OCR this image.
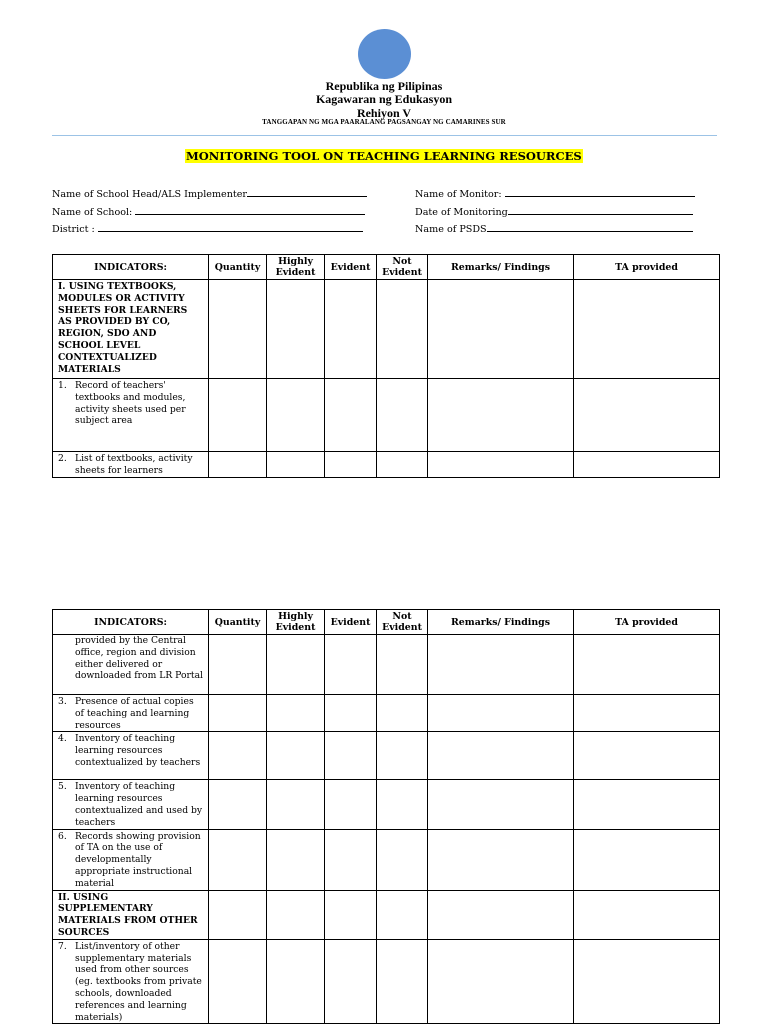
Republika ng Pilipinas
Kagawaran ng Edukasyon
Rehiyon V
TANGGAPAN NG MGA PAARALANG PAGSANGAY NG CAMARINES SUR
MONITORING TOOL ON TEACHING LEARNING RESOURCES
Name of School Head/ALS Implementer
Name of School:
District :
Name of Monitor:
Date of Monitoring
Name of PSDS
INDICATORS:	Quantity	Highly Evident	Evident	Not Evident	Remarks/ Findings	TA provided
I. USING TEXTBOOKS, MODULES OR ACTIVITY SHEETS FOR LEARNERS AS PROVIDED BY CO, REGION, SDO AND SCHOOL LEVEL CONTEXTUALIZED MATERIALS						

1. Record of teachers' textbooks and modules, activity sheets used per subject area						

2. List of textbooks, activity sheets for learners						

INDICATORS:	Quantity	Highly Evident	Evident	Not Evident	Remarks/ Findings	TA provided
provided by the Central office, region and division either delivered or downloaded from LR Portal						

3. Presence of actual copies of teaching and learning resources						

4. Inventory of teaching learning resources contextualized by teachers						

5. Inventory of teaching learning resources contextualized and used by teachers						

6. Records showing provision of TA on the use of developmentally appropriate instructional material						

II. USING SUPPLEMENTARY MATERIALS FROM OTHER SOURCES						

7. List/inventory of other supplementary materials used from other sources (eg. textbooks from private schools, downloaded references and learning materials)						
